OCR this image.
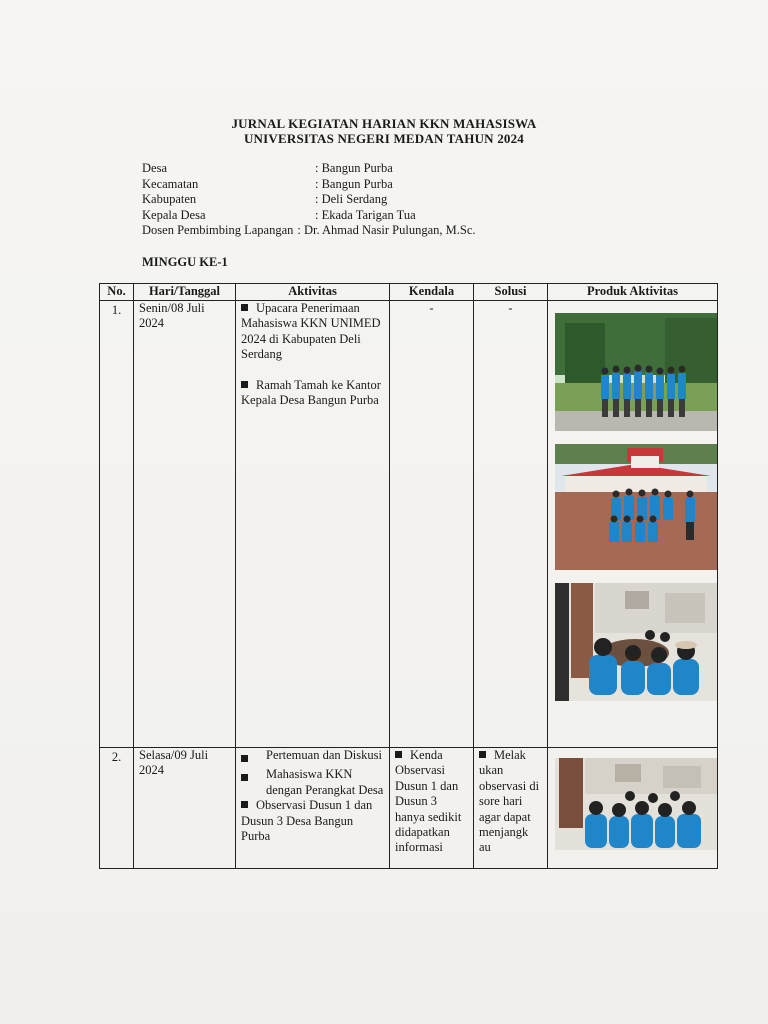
JURNAL KEGIATAN HARIAN KKN MAHASISWA
UNIVERSITAS NEGERI MEDAN TAHUN 2024
Desa	: Bangun Purba
Kecamatan	: Bangun Purba
Kabupaten	: Deli Serdang
Kepala Desa	: Ekada Tarigan Tua
Dosen Pembimbing Lapangan : Dr. Ahmad Nasir Pulungan, M.Sc.
MINGGU KE-1
No.	Hari/Tanggal	Aktivitas	Kendala	Solusi	Produk Aktivitas
1.	Senin/08 Juli 2024	Upacara Penerimaan Mahasiswa KKN UNIMED 2024 di Kabupaten Deli Serdang
Ramah Tamah ke Kantor Kepala Desa Bangun Purba	-	-	

2.	Selasa/09 Juli 2024	Pertemuan dan Diskusi
Mahasiswa KKN dengan Perangkat Desa
Observasi Dusun 1 dan Dusun 3 Desa Bangun Purba	Kenda Observasi Dusun 1 dan Dusun 3 hanya sedikit didapatkan informasi	Melak ukan observasi di sore hari agar dapat menjangk au	
